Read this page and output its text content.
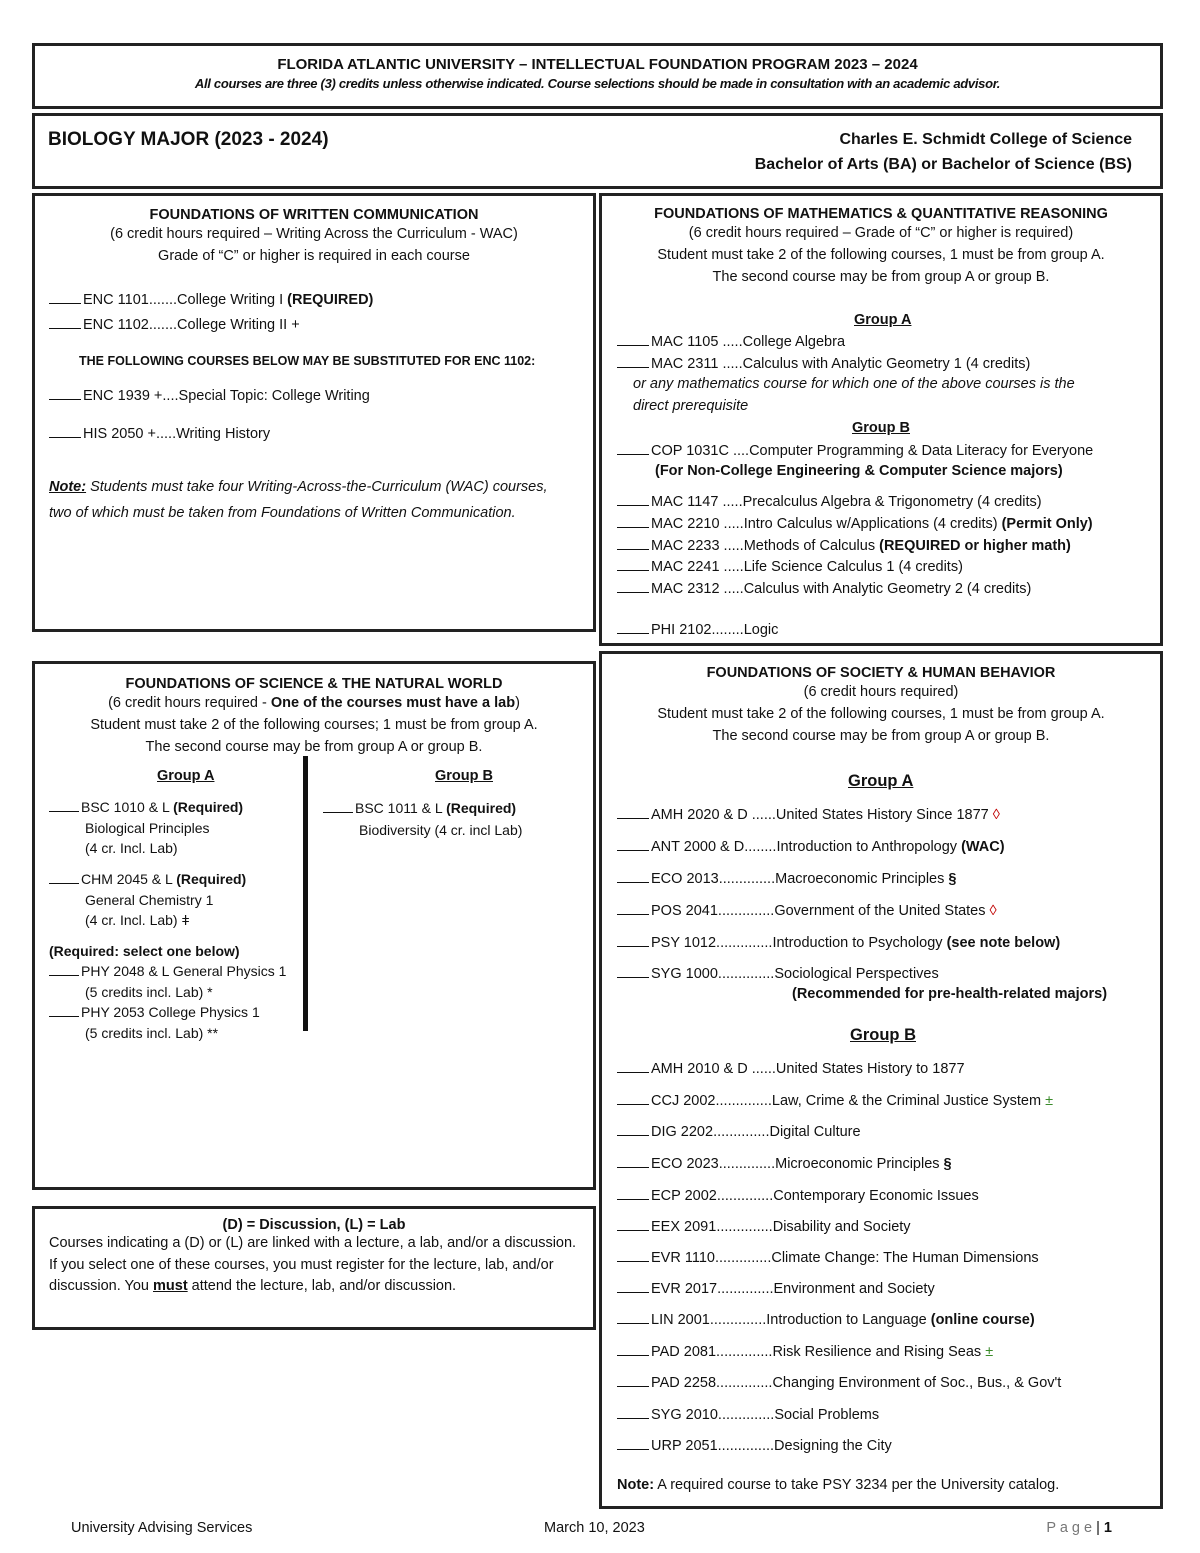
FLORIDA ATLANTIC UNIVERSITY – INTELLECTUAL FOUNDATION PROGRAM 2023 – 2024
All courses are three (3) credits unless otherwise indicated. Course selections should be made in consultation with an academic advisor.
BIOLOGY MAJOR (2023 - 2024)	Charles E. Schmidt College of Science
Bachelor of Arts (BA) or Bachelor of Science (BS)
FOUNDATIONS OF WRITTEN COMMUNICATION
(6 credit hours required – Writing Across the Curriculum - WAC)
Grade of “C” or higher is required in each course
ENC 1101.......College Writing I (REQUIRED)
ENC 1102.......College Writing II +
THE FOLLOWING COURSES BELOW MAY BE SUBSTITUTED FOR ENC 1102:
ENC 1939 +....Special Topic: College Writing
HIS 2050 +.....Writing History
Note: Students must take four Writing-Across-the-Curriculum (WAC) courses, two of which must be taken from Foundations of Written Communication.
FOUNDATIONS OF MATHEMATICS & QUANTITATIVE REASONING
(6 credit hours required – Grade of “C” or higher is required)
Student must take 2 of the following courses, 1 must be from group A.
The second course may be from group A or group B.
Group A
MAC 1105 .....College Algebra
MAC 2311 .....Calculus with Analytic Geometry 1 (4 credits)
or any mathematics course for which one of the above courses is the
direct prerequisite
Group B
COP 1031C ....Computer Programming & Data Literacy for Everyone
(For Non-College Engineering & Computer Science majors)
MAC 1147 .....Precalculus Algebra & Trigonometry (4 credits)
MAC 2210 .....Intro Calculus w/Applications (4 credits) (Permit Only)
MAC 2233 .....Methods of Calculus (REQUIRED or higher math)
MAC 2241 .....Life Science Calculus 1 (4 credits)
MAC 2312 .....Calculus with Analytic Geometry 2 (4 credits)
PHI 2102........Logic
FOUNDATIONS OF SCIENCE & THE NATURAL WORLD
(6 credit hours required - One of the courses must have a lab)
Student must take 2 of the following courses; 1 must be from group A.
The second course may be from group A or group B.
Group A	Group B
BSC 1010 & L (Required)
Biological Principles
(4 cr. Incl. Lab)
CHM 2045 & L (Required)
General Chemistry 1
(4 cr. Incl. Lab) ǂ
(Required: select one below)
PHY 2048 & L General Physics 1
(5 credits incl. Lab) *
PHY 2053 College Physics 1
(5 credits incl. Lab) **
BSC 1011 & L (Required)
Biodiversity (4 cr. incl Lab)
(D) = Discussion, (L) = Lab
Courses indicating a (D) or (L) are linked with a lecture, a lab, and/or a discussion. If you select one of these courses, you must register for the lecture, lab, and/or discussion. You must attend the lecture, lab, and/or discussion.
FOUNDATIONS OF SOCIETY & HUMAN BEHAVIOR
(6 credit hours required)
Student must take 2 of the following courses, 1 must be from group A.
The second course may be from group A or group B.
Group A
AMH 2020 & D ......United States History Since 1877 ◊
ANT 2000 & D........Introduction to Anthropology (WAC)
ECO 2013..............Macroeconomic Principles §
POS 2041..............Government of the United States ◊
PSY 1012..............Introduction to Psychology (see note below)
SYG 1000..............Sociological Perspectives
(Recommended for pre-health-related majors)
Group B
AMH 2010 & D ......United States History to 1877
CCJ 2002..............Law, Crime & the Criminal Justice System ±
DIG 2202..............Digital Culture
ECO 2023..............Microeconomic Principles §
ECP 2002..............Contemporary Economic Issues
EEX 2091..............Disability and Society
EVR 1110..............Climate Change: The Human Dimensions
EVR 2017..............Environment and Society
LIN 2001..............Introduction to Language (online course)
PAD 2081..............Risk Resilience and Rising Seas ±
PAD 2258..............Changing Environment of Soc., Bus., & Gov't
SYG 2010..............Social Problems
URP 2051..............Designing the City
Note: A required course to take PSY 3234 per the University catalog.
University Advising Services	March 10, 2023	P a g e | 1
